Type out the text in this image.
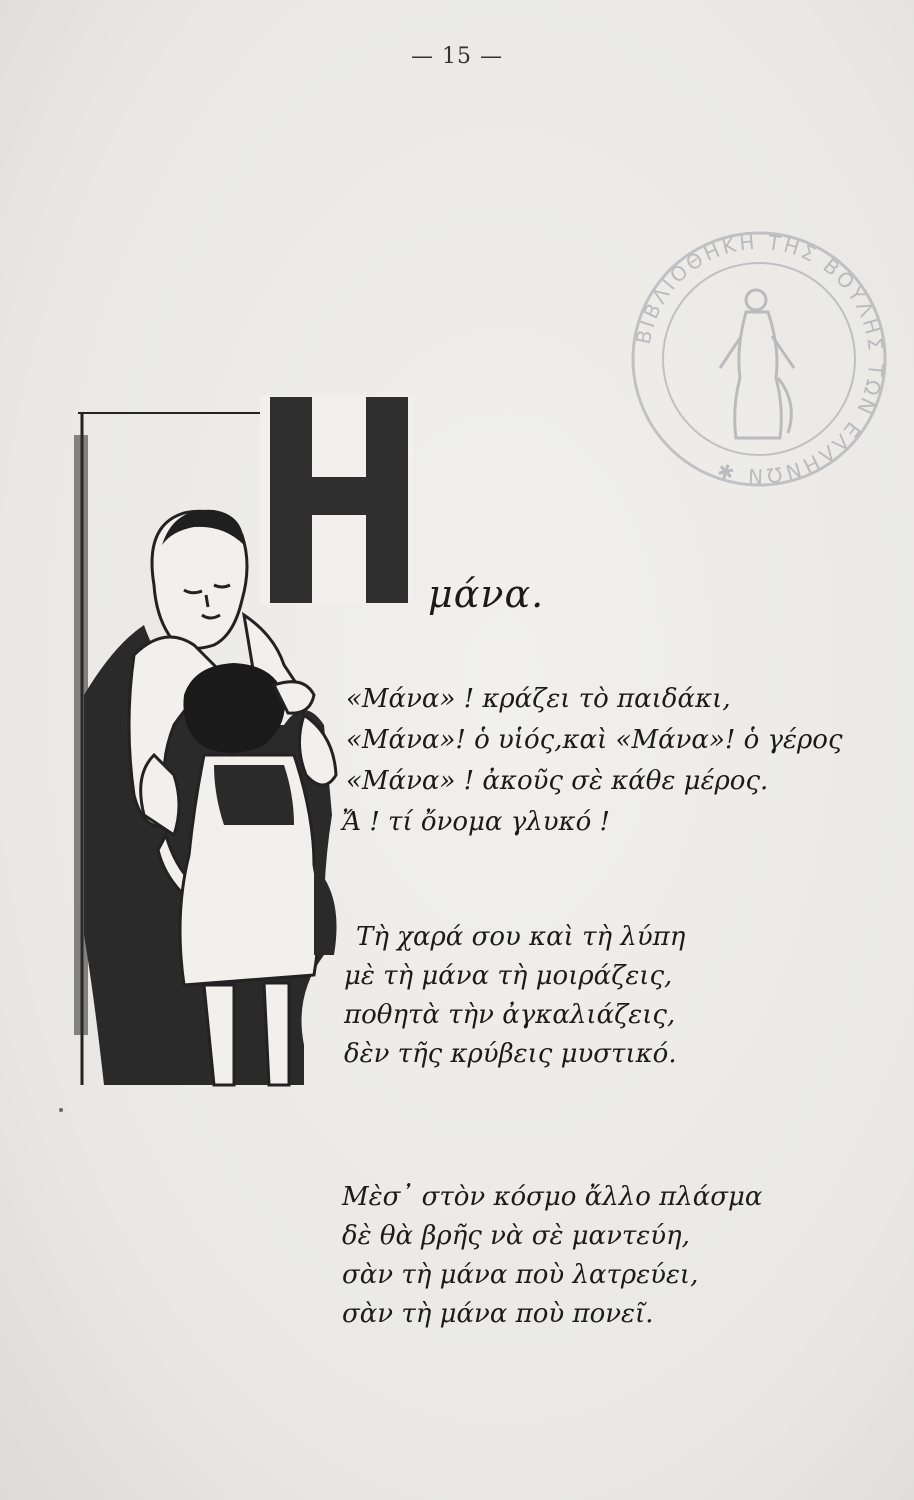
— 15 —
ΒΙΒΛΙΟΘΗΚΗ ΤΗΣ ΒΟΥΛΗΣ ΤΩΝ ΕΛΛΗΝΩΝ ✱
μάνα.
«Μάνα» ! κράζει τὸ παιδάκι,
«Μάνα»! ὁ υἱός,καὶ «Μάνα»! ὁ γέρος
«Μάνα» ! ἀκοῦς σὲ κάθε μέρος.
Ἄ ! τί ὄνομα γλυκό !
Τὴ χαρά σου καὶ τὴ λύπη
μὲ τὴ μάνα τὴ μοιράζεις,
ποθητὰ τὴν ἀγκαλιάζεις,
δὲν τῆς κρύβεις μυστικό.
Μὲσ᾽ στὸν κόσμο ἄλλο πλάσμα
δὲ θὰ βρῆς νὰ σὲ μαντεύη,
σὰν τὴ μάνα ποὺ λατρεύει,
σὰν τὴ μάνα ποὺ πονεῖ.
